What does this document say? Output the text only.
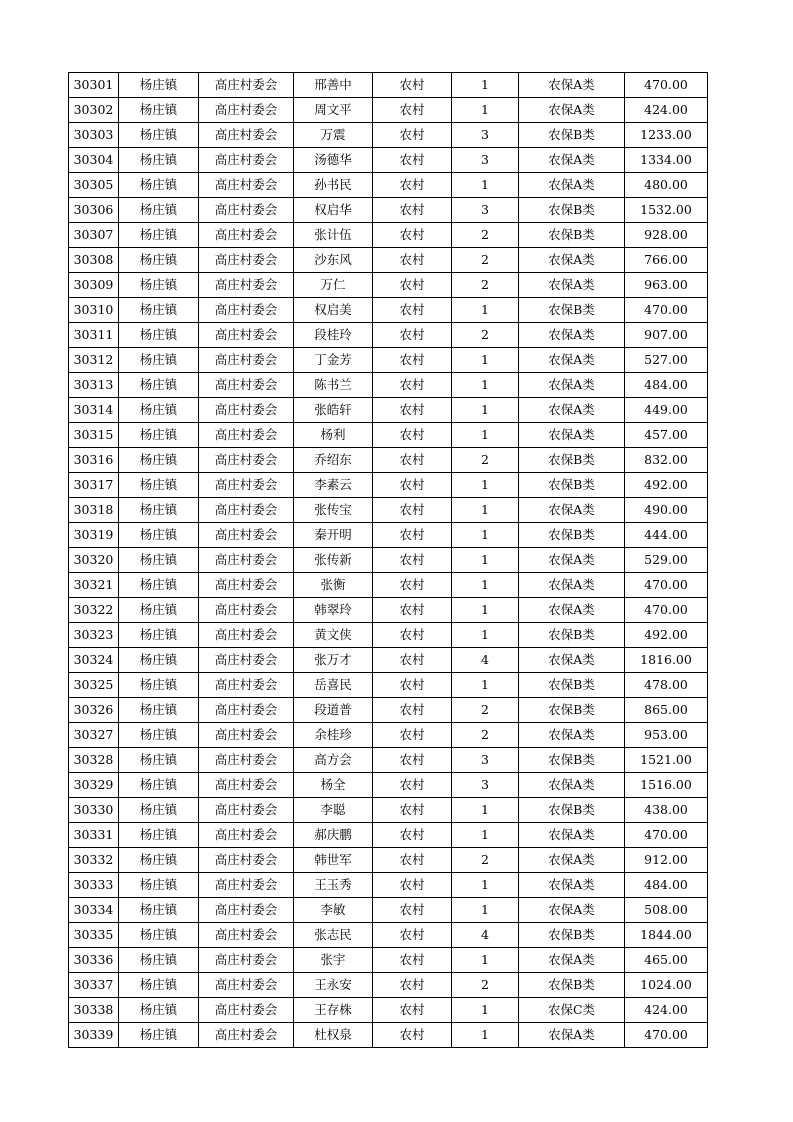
30301	杨庄镇	高庄村委会	邢善中	农村	1	农保A类	470.00
30302	杨庄镇	高庄村委会	周文平	农村	1	农保A类	424.00
30303	杨庄镇	高庄村委会	万震	农村	3	农保B类	1233.00
30304	杨庄镇	高庄村委会	汤德华	农村	3	农保A类	1334.00
30305	杨庄镇	高庄村委会	孙书民	农村	1	农保A类	480.00
30306	杨庄镇	高庄村委会	权启华	农村	3	农保B类	1532.00
30307	杨庄镇	高庄村委会	张计伍	农村	2	农保B类	928.00
30308	杨庄镇	高庄村委会	沙东风	农村	2	农保A类	766.00
30309	杨庄镇	高庄村委会	万仁	农村	2	农保A类	963.00
30310	杨庄镇	高庄村委会	权启美	农村	1	农保B类	470.00
30311	杨庄镇	高庄村委会	段桂玲	农村	2	农保A类	907.00
30312	杨庄镇	高庄村委会	丁金芳	农村	1	农保A类	527.00
30313	杨庄镇	高庄村委会	陈书兰	农村	1	农保A类	484.00
30314	杨庄镇	高庄村委会	张皓轩	农村	1	农保A类	449.00
30315	杨庄镇	高庄村委会	杨利	农村	1	农保A类	457.00
30316	杨庄镇	高庄村委会	乔绍东	农村	2	农保B类	832.00
30317	杨庄镇	高庄村委会	李素云	农村	1	农保B类	492.00
30318	杨庄镇	高庄村委会	张传宝	农村	1	农保A类	490.00
30319	杨庄镇	高庄村委会	秦开明	农村	1	农保B类	444.00
30320	杨庄镇	高庄村委会	张传新	农村	1	农保A类	529.00
30321	杨庄镇	高庄村委会	张衡	农村	1	农保A类	470.00
30322	杨庄镇	高庄村委会	韩翠玲	农村	1	农保A类	470.00
30323	杨庄镇	高庄村委会	黄文侠	农村	1	农保B类	492.00
30324	杨庄镇	高庄村委会	张万才	农村	4	农保A类	1816.00
30325	杨庄镇	高庄村委会	岳喜民	农村	1	农保B类	478.00
30326	杨庄镇	高庄村委会	段道普	农村	2	农保B类	865.00
30327	杨庄镇	高庄村委会	余桂珍	农村	2	农保A类	953.00
30328	杨庄镇	高庄村委会	高方会	农村	3	农保B类	1521.00
30329	杨庄镇	高庄村委会	杨全	农村	3	农保A类	1516.00
30330	杨庄镇	高庄村委会	李聪	农村	1	农保B类	438.00
30331	杨庄镇	高庄村委会	郝庆鹏	农村	1	农保A类	470.00
30332	杨庄镇	高庄村委会	韩世军	农村	2	农保A类	912.00
30333	杨庄镇	高庄村委会	王玉秀	农村	1	农保A类	484.00
30334	杨庄镇	高庄村委会	李敏	农村	1	农保A类	508.00
30335	杨庄镇	高庄村委会	张志民	农村	4	农保B类	1844.00
30336	杨庄镇	高庄村委会	张宇	农村	1	农保A类	465.00
30337	杨庄镇	高庄村委会	王永安	农村	2	农保B类	1024.00
30338	杨庄镇	高庄村委会	王存株	农村	1	农保C类	424.00
30339	杨庄镇	高庄村委会	杜权泉	农村	1	农保A类	470.00
